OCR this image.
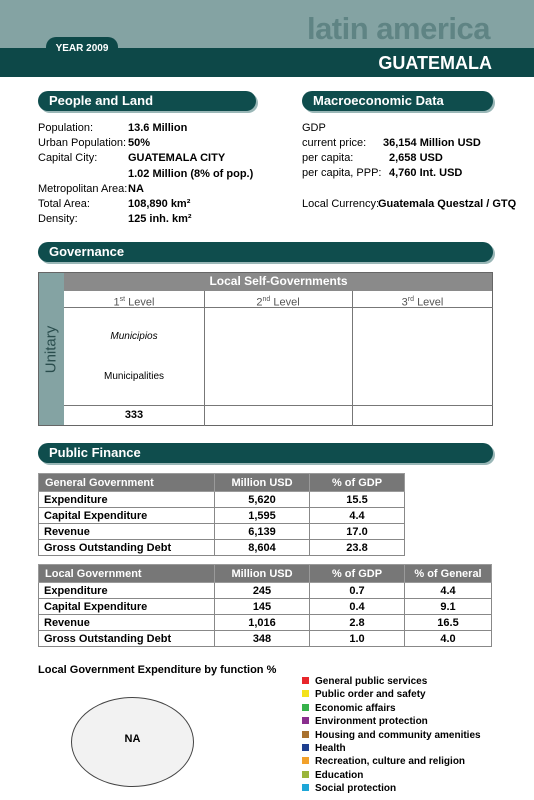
latin america
GUATEMALA
YEAR 2009
People and Land
Population:	13.6 Million
Urban Population: 50%
Capital City:	GUATEMALA CITY
1.02 Million (8% of pop.)
Metropolitan Area: NA
Total Area:	108,890 km²
Density:	125 inh. km²
Macroeconomic Data
GDP
current price: 36,154 Million USD
per capita:	2,658 USD
per capita, PPP: 4,760 Int. USD
Local Currency:
Guatemala Questzal / GTQ
Governance
Unitary
Local Self-Governments
1st Level	2nd Level	3rd Level
Municipios
Municipalities
333
Public Finance
General Government	Million USD	% of GDP
Expenditure	5,620	15.5
Capital Expenditure	1,595	4.4
Revenue	6,139	17.0
Gross Outstanding Debt	8,604	23.8
Local Government	Million USD	% of GDP	% of General
Expenditure	245	0.7	4.4
Capital Expenditure	145	0.4	9.1
Revenue	1,016	2.8	16.5
Gross Outstanding Debt	348	1.0	4.0
Local Government Expenditure by function %
NA
General public services
Public order and safety
Economic affairs
Environment protection
Housing and community amenities
Health
Recreation, culture and religion
Education
Social protection
